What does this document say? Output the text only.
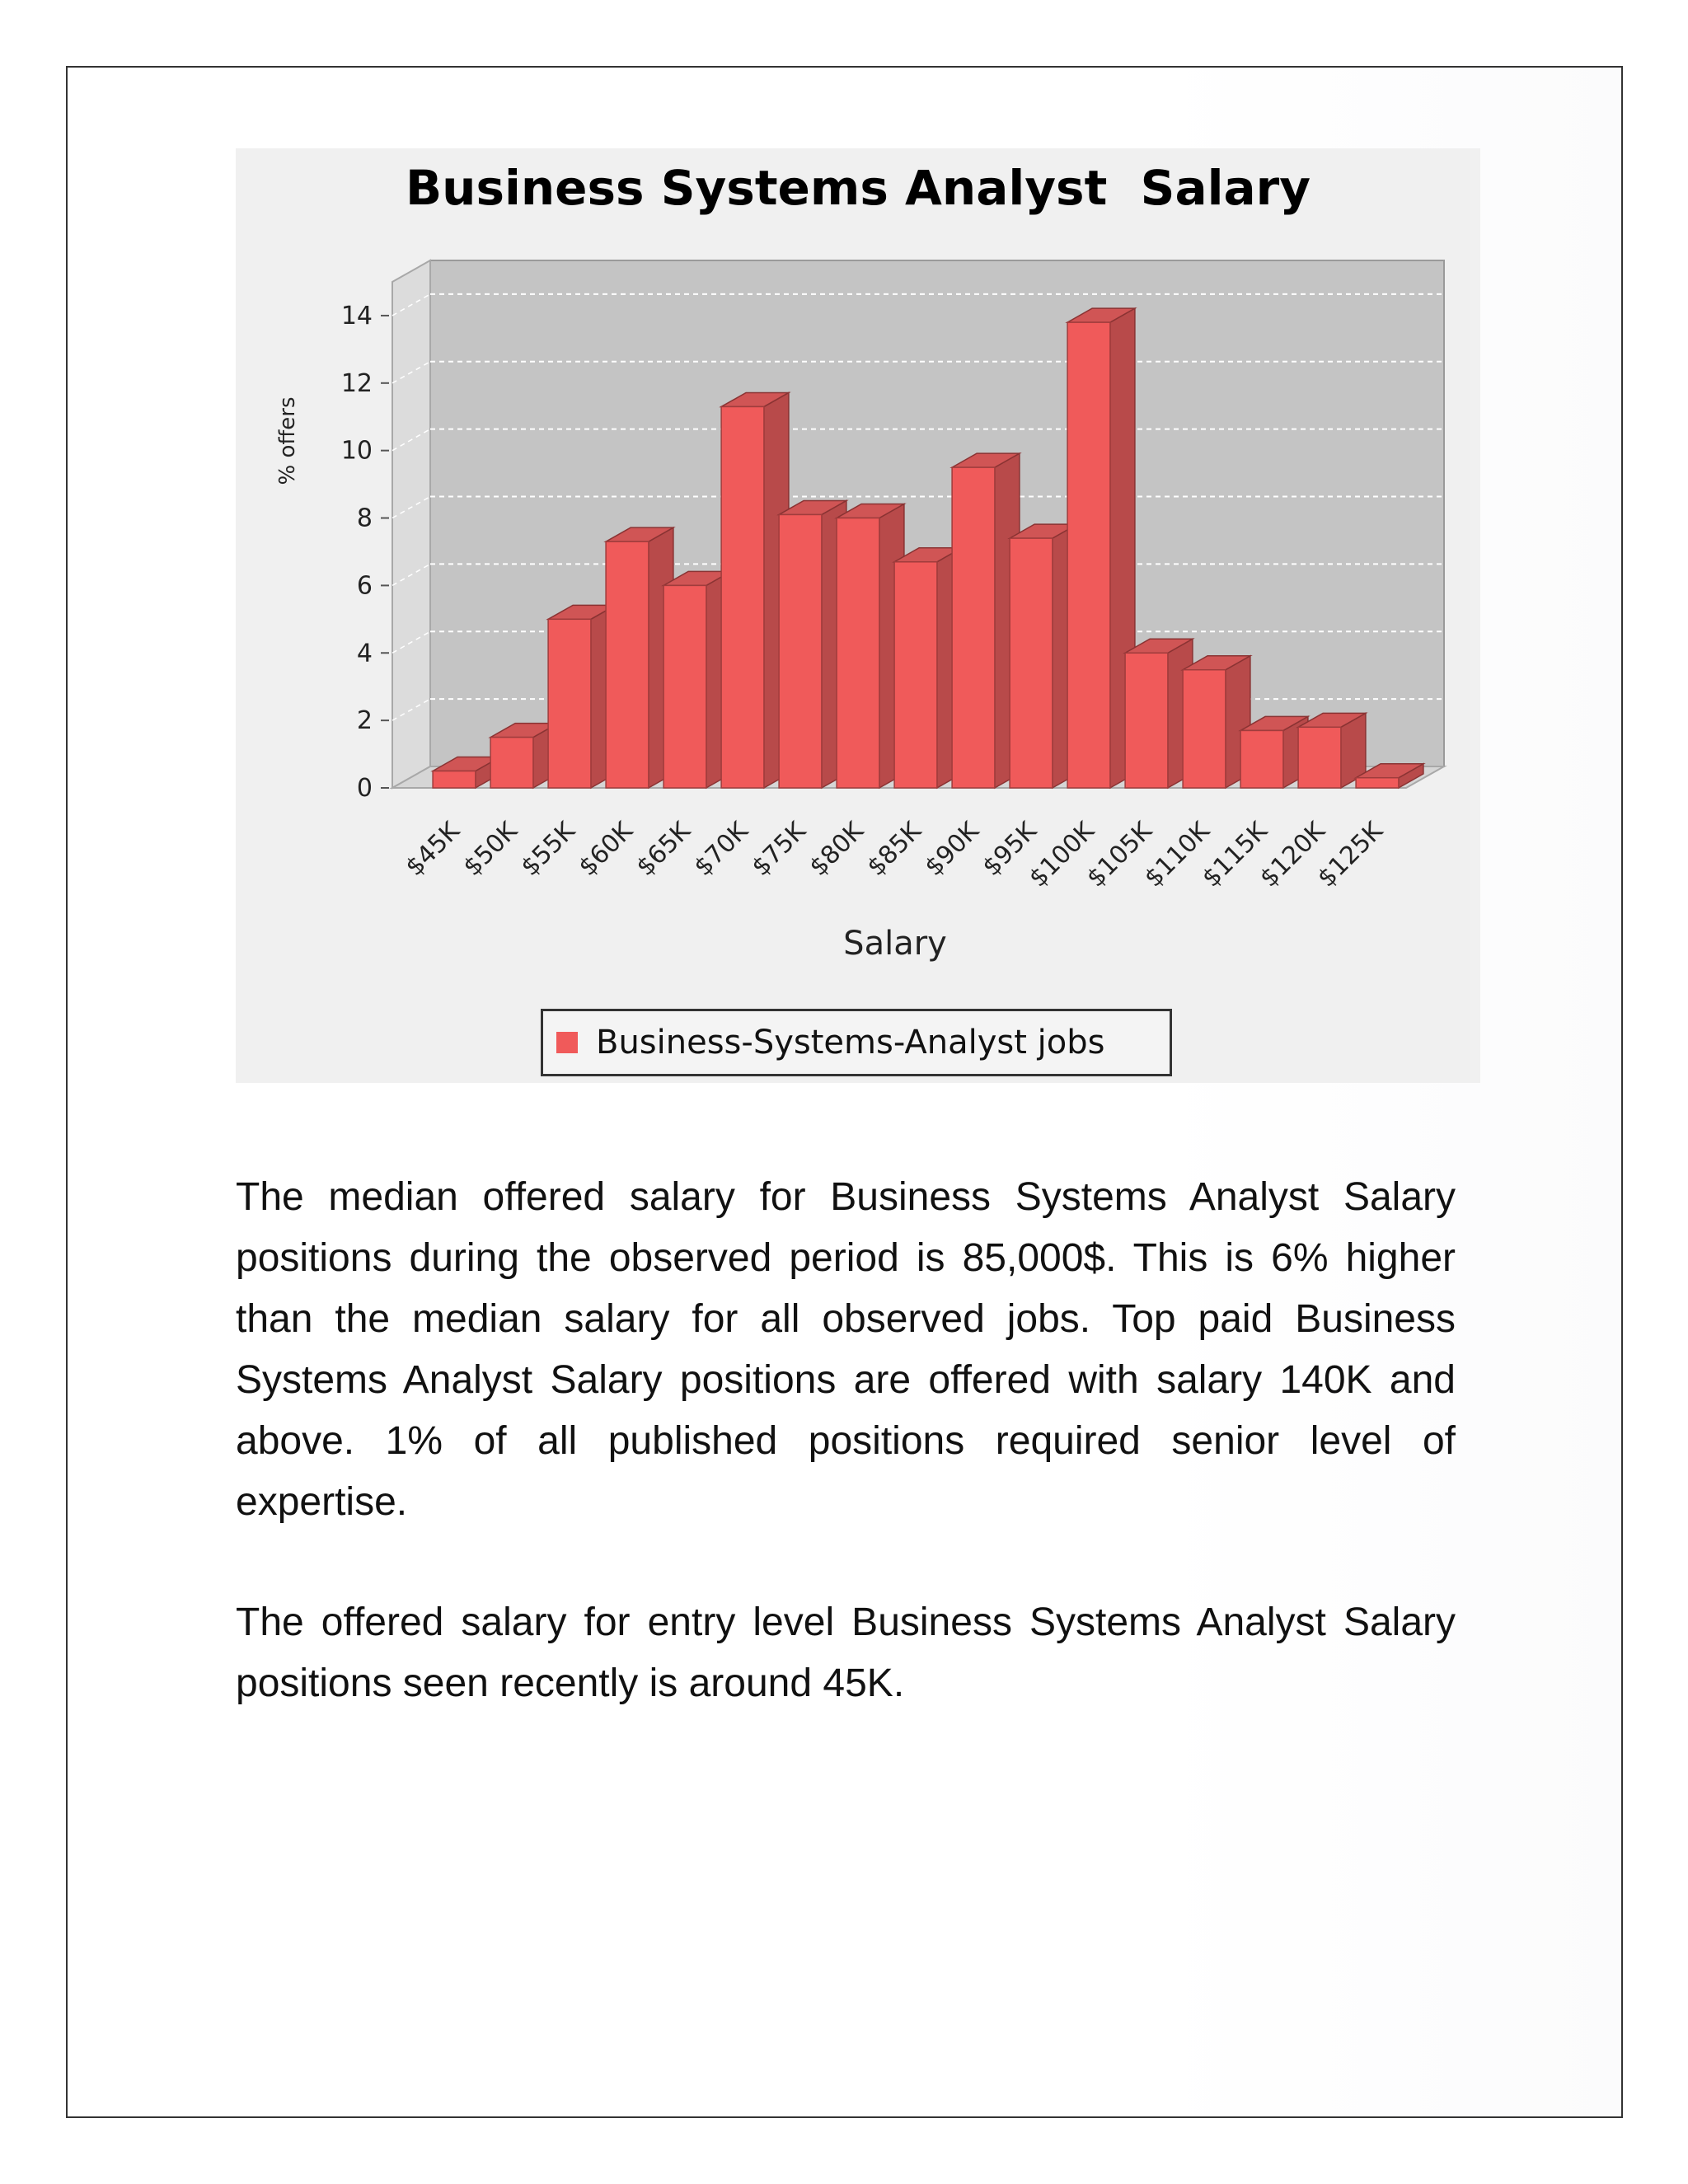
0
2
4
6
8
10
12
14
$45K
$50K
$55K
$60K
$65K
$70K
$75K
$80K
$85K
$90K
$95K
$100K
$105K
$110K
$115K
$120K
$125K
Business Systems Analyst  Salary
% offers
Salary
Business-Systems-Analyst jobs

The median offered salary for Business Systems Analyst Salary positions during the observed period is 85,000$. This is 6% higher than the median salary for all observed jobs. Top paid Business Systems Analyst Salary positions are offered with salary 140K and above. 1% of all published positions required senior level of expertise.

The offered salary for entry level Business Systems Analyst Salary positions seen recently is around 45K.
